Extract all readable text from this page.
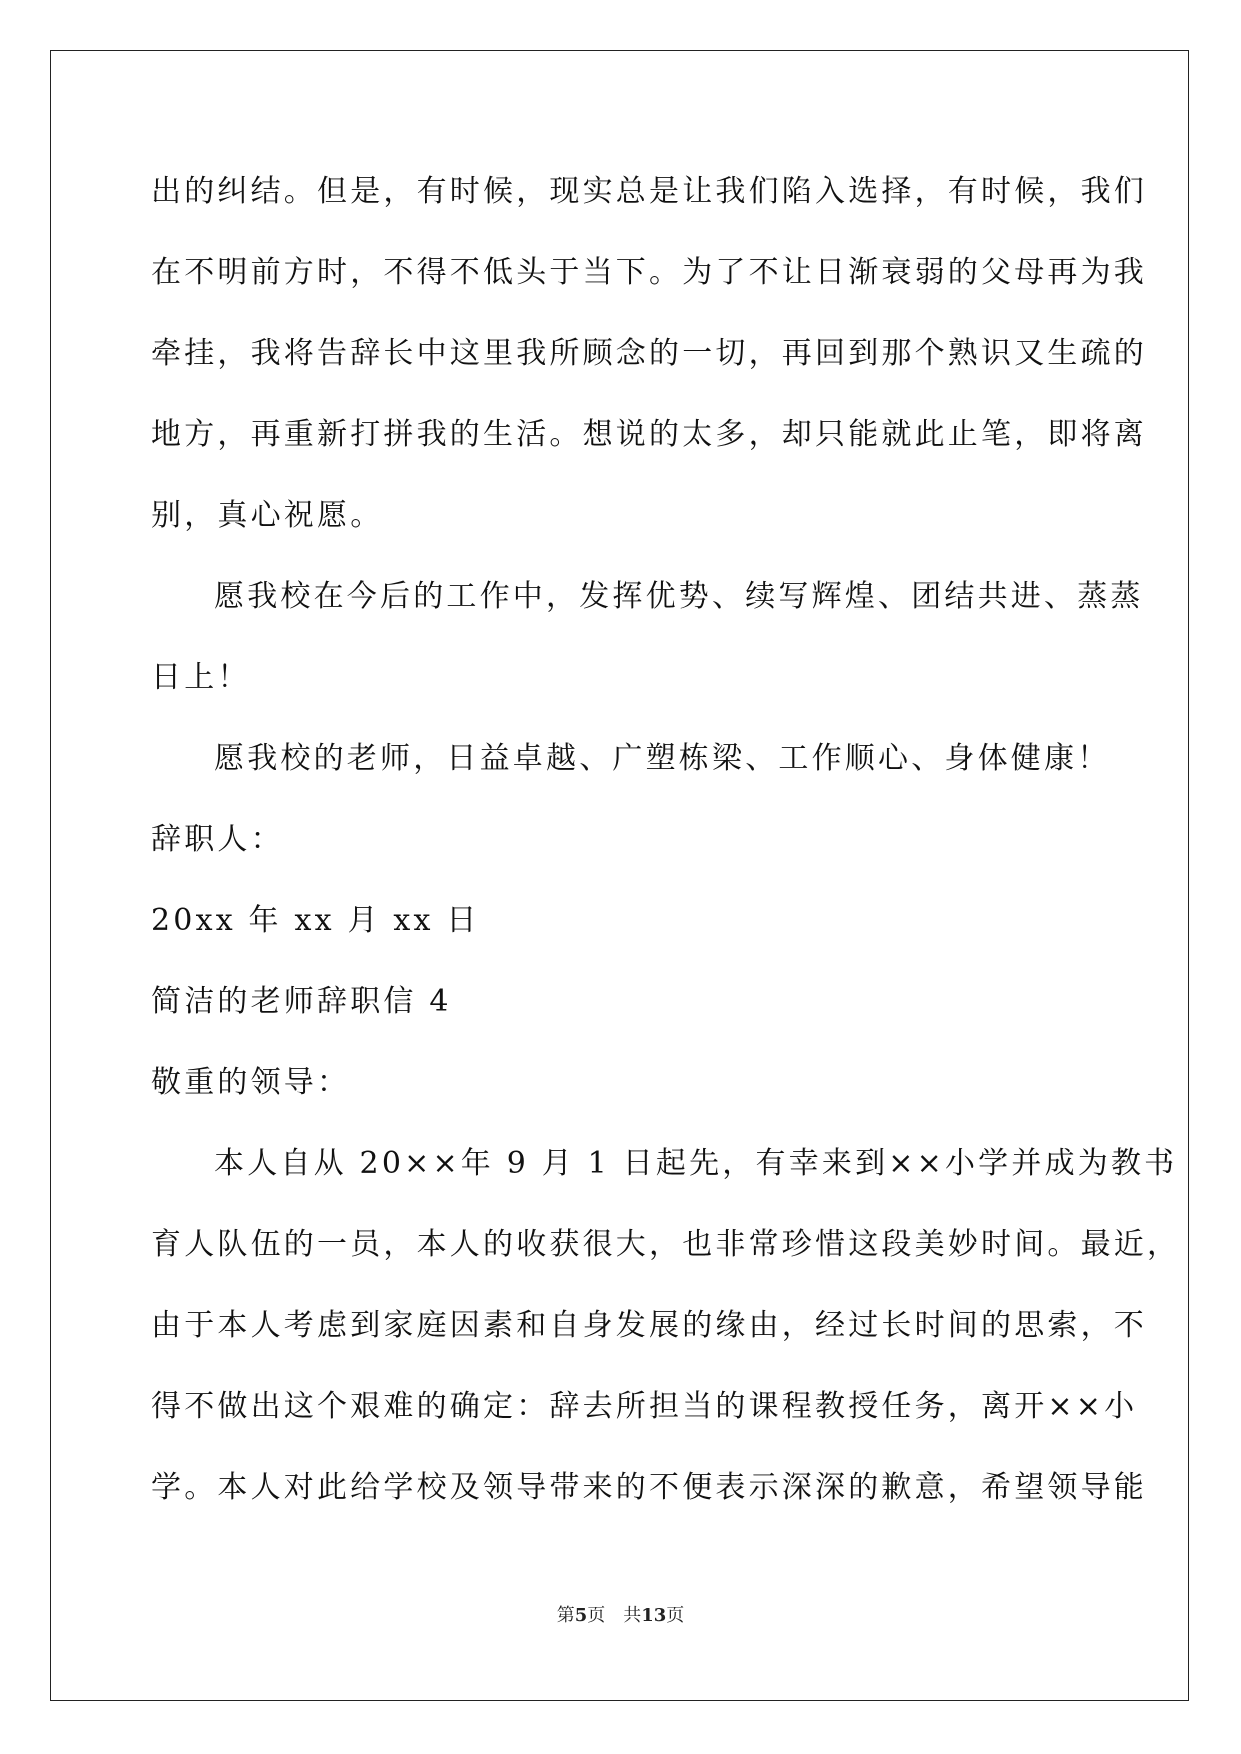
出的纠结。但是，有时候，现实总是让我们陷入选择，有时候，我们
在不明前方时，不得不低头于当下。为了不让日渐衰弱的父母再为我
牵挂，我将告辞长中这里我所顾念的一切，再回到那个熟识又生疏的
地方，再重新打拼我的生活。想说的太多，却只能就此止笔，即将离
别，真心祝愿。
愿我校在今后的工作中，发挥优势、续写辉煌、团结共进、蒸蒸
日上！
愿我校的老师，日益卓越、广塑栋梁、工作顺心、身体健康！
辞职人：
20xx 年 xx 月 xx 日
简洁的老师辞职信 4
敬重的领导：
本人自从 20××年 9 月 1 日起先，有幸来到××小学并成为教书
育人队伍的一员，本人的收获很大，也非常珍惜这段美妙时间。最近，
由于本人考虑到家庭因素和自身发展的缘由，经过长时间的思索，不
得不做出这个艰难的确定：辞去所担当的课程教授任务，离开××小
学。本人对此给学校及领导带来的不便表示深深的歉意，希望领导能
第5页 共13页
